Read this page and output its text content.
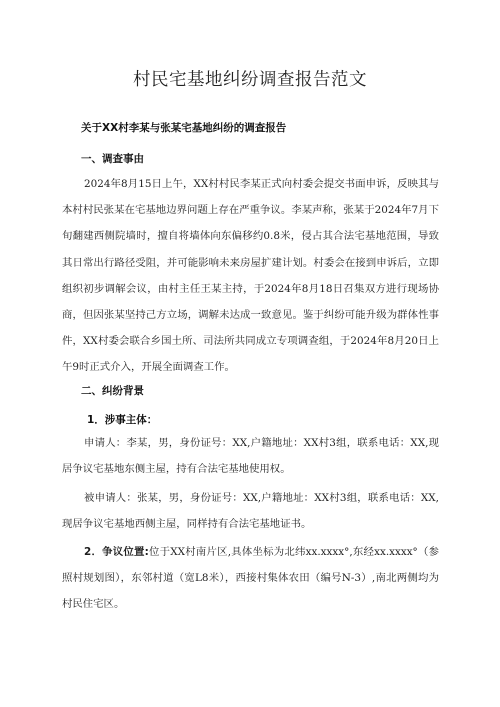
村民宅基地纠纷调查报告范文

关于XX村李某与张某宅基地纠纷的调查报告

一、调查事由

2024年8月15日上午，XX村村民李某正式向村委会提交书面申诉，反映其与本村村民张某在宅基地边界问题上存在严重争议。李某声称，张某于2024年7月下旬翻建西侧院墙时，擅自将墙体向东偏移约0.8米，侵占其合法宅基地范围，导致其日常出行路径受阻，并可能影响未来房屋扩建计划。村委会在接到申诉后，立即组织初步调解会议，由村主任王某主持，于2024年8月18日召集双方进行现场协商，但因张某坚持己方立场，调解未达成一致意见。鉴于纠纷可能升级为群体性事件，XX村委会联合乡国土所、司法所共同成立专项调查组，于2024年8月20日上午9时正式介入，开展全面调查工作。

二、纠纷背景

1．涉事主体：

申请人：李某，男，身份证号：XX,户籍地址：XX村3组，联系电话：XX,现居争议宅基地东侧主屋，持有合法宅基地使用权。

被申请人：张某，男，身份证号：XX,户籍地址：XX村3组，联系电话：XX,现居争议宅基地西侧主屋，同样持有合法宅基地证书。

2．争议位置:位于XX村南片区,具体坐标为北纬xx.xxxx°,东经xx.xxxx°（参照村规划图），东邻村道（宽L8米），西接村集体农田（编号N-3）,南北两侧均为村民住宅区。
